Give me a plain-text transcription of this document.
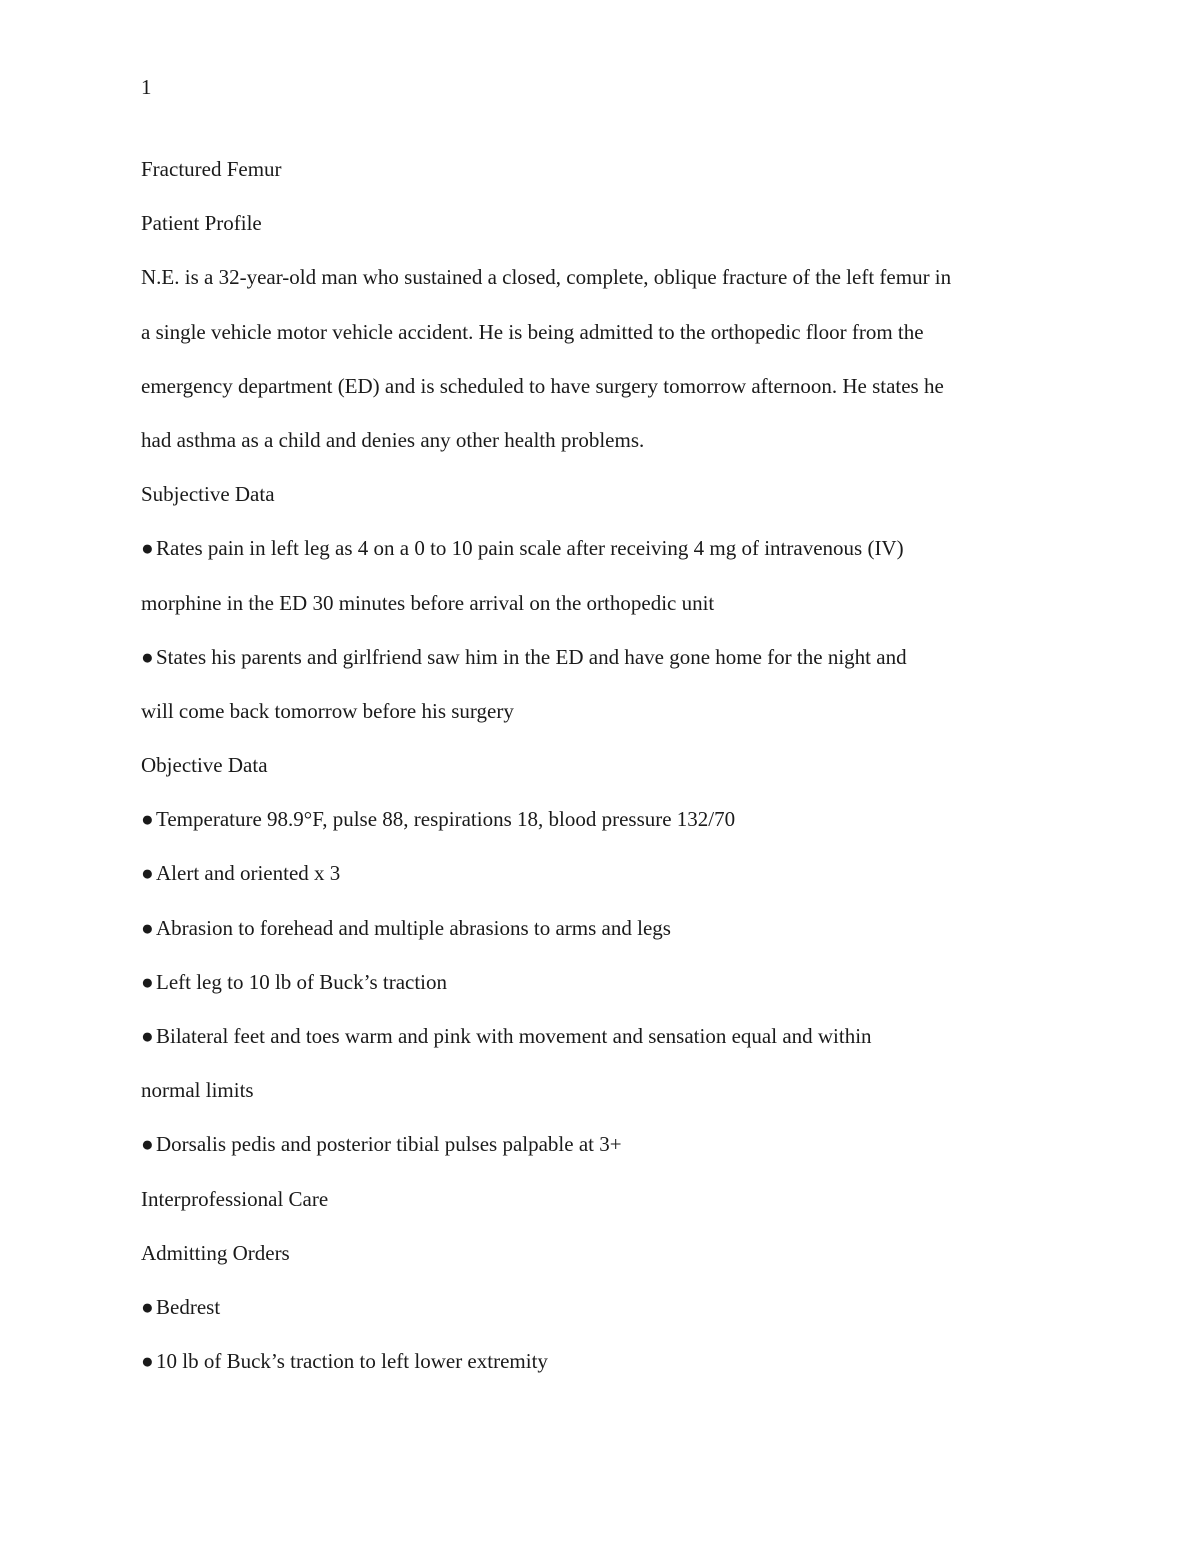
1
Fractured Femur
Patient Profile
N.E. is a 32-year-old man who sustained a closed, complete, oblique fracture of the left femur in
a single vehicle motor vehicle accident. He is being admitted to the orthopedic floor from the
emergency department (ED) and is scheduled to have surgery tomorrow afternoon. He states he
had asthma as a child and denies any other health problems.
Subjective Data
● Rates pain in left leg as 4 on a 0 to 10 pain scale after receiving 4 mg of intravenous (IV)
morphine in the ED 30 minutes before arrival on the orthopedic unit
● States his parents and girlfriend saw him in the ED and have gone home for the night and
will come back tomorrow before his surgery
Objective Data
● Temperature 98.9°F, pulse 88, respirations 18, blood pressure 132/70
● Alert and oriented x 3
● Abrasion to forehead and multiple abrasions to arms and legs
● Left leg to 10 lb of Buck’s traction
● Bilateral feet and toes warm and pink with movement and sensation equal and within
normal limits
● Dorsalis pedis and posterior tibial pulses palpable at 3+
Interprofessional Care
Admitting Orders
● Bedrest
● 10 lb of Buck’s traction to left lower extremity
